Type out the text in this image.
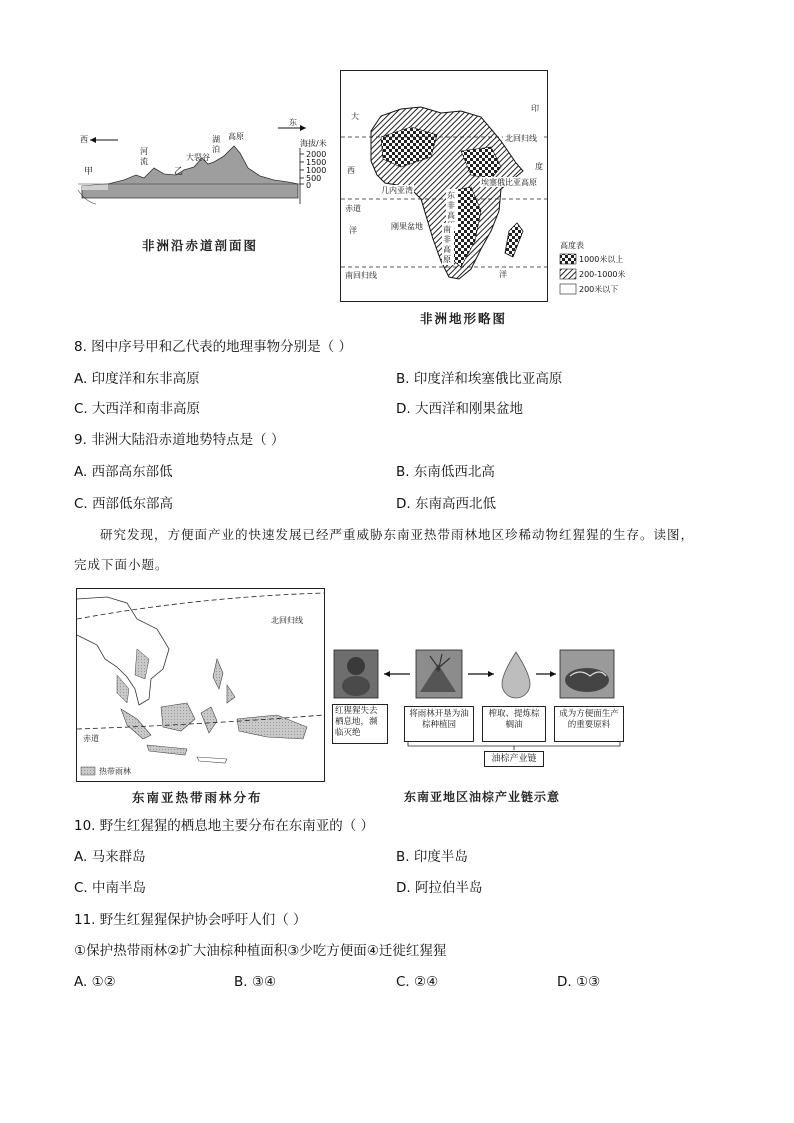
西
东
甲	乙
河
流	大裂谷
湖
泊
高原
海拔/米
2000
1500
1000
500
0
非洲沿赤道剖面图
大
西
洋
印
度
洋
北回归线
赤道
南回归线
埃塞俄比亚高原
几内亚湾
刚果盆地
东
非
高
南
非
高
原
高度表
1000米以上
200-1000米
200米以下
非洲地形略图
8. 图中序号甲和乙代表的地理事物分别是（ ）
A. 印度洋和东非高原	B. 印度洋和埃塞俄比亚高原
C. 大西洋和南非高原	D. 大西洋和刚果盆地
9. 非洲大陆沿赤道地势特点是（ ）
A. 西部高东部低	B. 东南低西北高
C. 西部低东部高	D. 东南高西北低
研究发现，方便面产业的快速发展已经严重威胁东南亚热带雨林地区珍稀动物红猩猩的生存。读图，
完成下面小题。
北回归线
赤道
热带雨林
东南亚热带雨林分布
红猩猩失去栖息地，濒临灭绝
将雨林开垦为油棕种植园
榨取、提炼棕榈油
成为方便面生产的重要原料
油棕产业链
东南亚地区油棕产业链示意
10. 野生红猩猩的栖息地主要分布在东南亚的（ ）
A. 马来群岛	B. 印度半岛
C. 中南半岛	D. 阿拉伯半岛
11. 野生红猩猩保护协会呼吁人们（ ）
①保护热带雨林②扩大油棕种植面积③少吃方便面④迁徙红猩猩
A. ①②	B. ③④	C. ②④	D. ①③
